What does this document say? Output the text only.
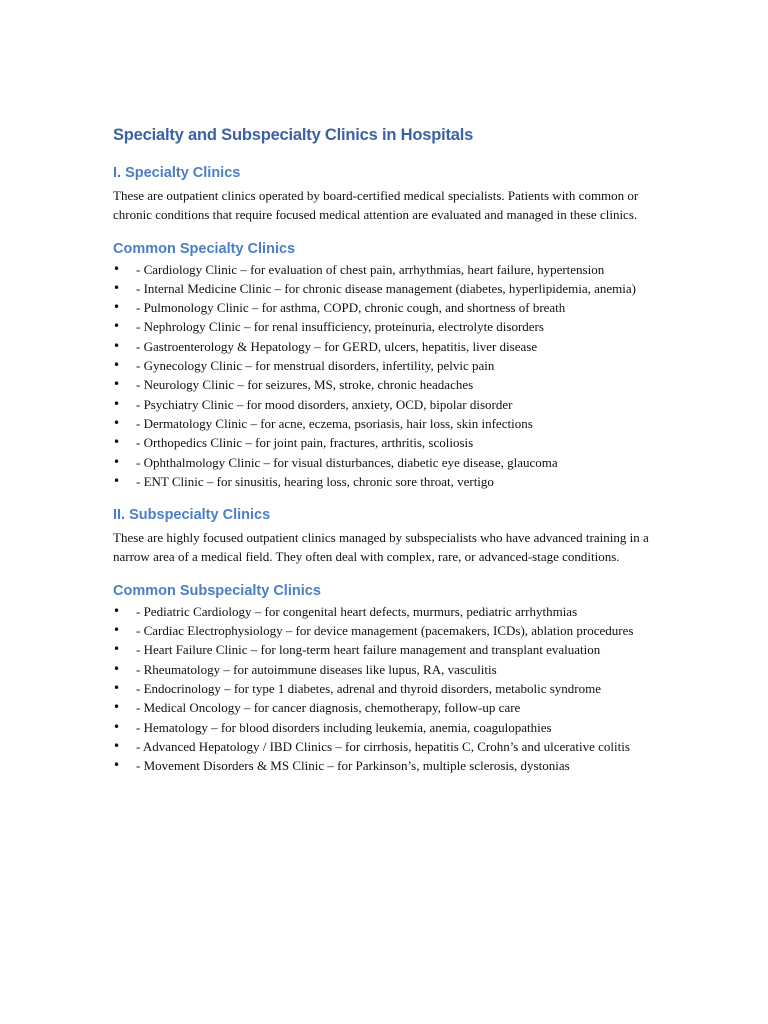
Specialty and Subspecialty Clinics in Hospitals
I. Specialty Clinics

These are outpatient clinics operated by board-certified medical specialists. Patients with common or chronic conditions that require focused medical attention are evaluated and managed in these clinics.

Common Specialty Clinics
• - Cardiology Clinic – for evaluation of chest pain, arrhythmias, heart failure, hypertension
• - Internal Medicine Clinic – for chronic disease management (diabetes, hyperlipidemia, anemia)
• - Pulmonology Clinic – for asthma, COPD, chronic cough, and shortness of breath
• - Nephrology Clinic – for renal insufficiency, proteinuria, electrolyte disorders
• - Gastroenterology & Hepatology – for GERD, ulcers, hepatitis, liver disease
• - Gynecology Clinic – for menstrual disorders, infertility, pelvic pain
• - Neurology Clinic – for seizures, MS, stroke, chronic headaches
• - Psychiatry Clinic – for mood disorders, anxiety, OCD, bipolar disorder
• - Dermatology Clinic – for acne, eczema, psoriasis, hair loss, skin infections
• - Orthopedics Clinic – for joint pain, fractures, arthritis, scoliosis
• - Ophthalmology Clinic – for visual disturbances, diabetic eye disease, glaucoma
• - ENT Clinic – for sinusitis, hearing loss, chronic sore throat, vertigo
II. Subspecialty Clinics

These are highly focused outpatient clinics managed by subspecialists who have advanced training in a narrow area of a medical field. They often deal with complex, rare, or advanced-stage conditions.

Common Subspecialty Clinics
• - Pediatric Cardiology – for congenital heart defects, murmurs, pediatric arrhythmias
• - Cardiac Electrophysiology – for device management (pacemakers, ICDs), ablation procedures
• - Heart Failure Clinic – for long-term heart failure management and transplant evaluation
• - Rheumatology – for autoimmune diseases like lupus, RA, vasculitis
• - Endocrinology – for type 1 diabetes, adrenal and thyroid disorders, metabolic syndrome
• - Medical Oncology – for cancer diagnosis, chemotherapy, follow-up care
• - Hematology – for blood disorders including leukemia, anemia, coagulopathies
• - Advanced Hepatology / IBD Clinics – for cirrhosis, hepatitis C, Crohn’s and ulcerative colitis
• - Movement Disorders & MS Clinic – for Parkinson’s, multiple sclerosis, dystonias
